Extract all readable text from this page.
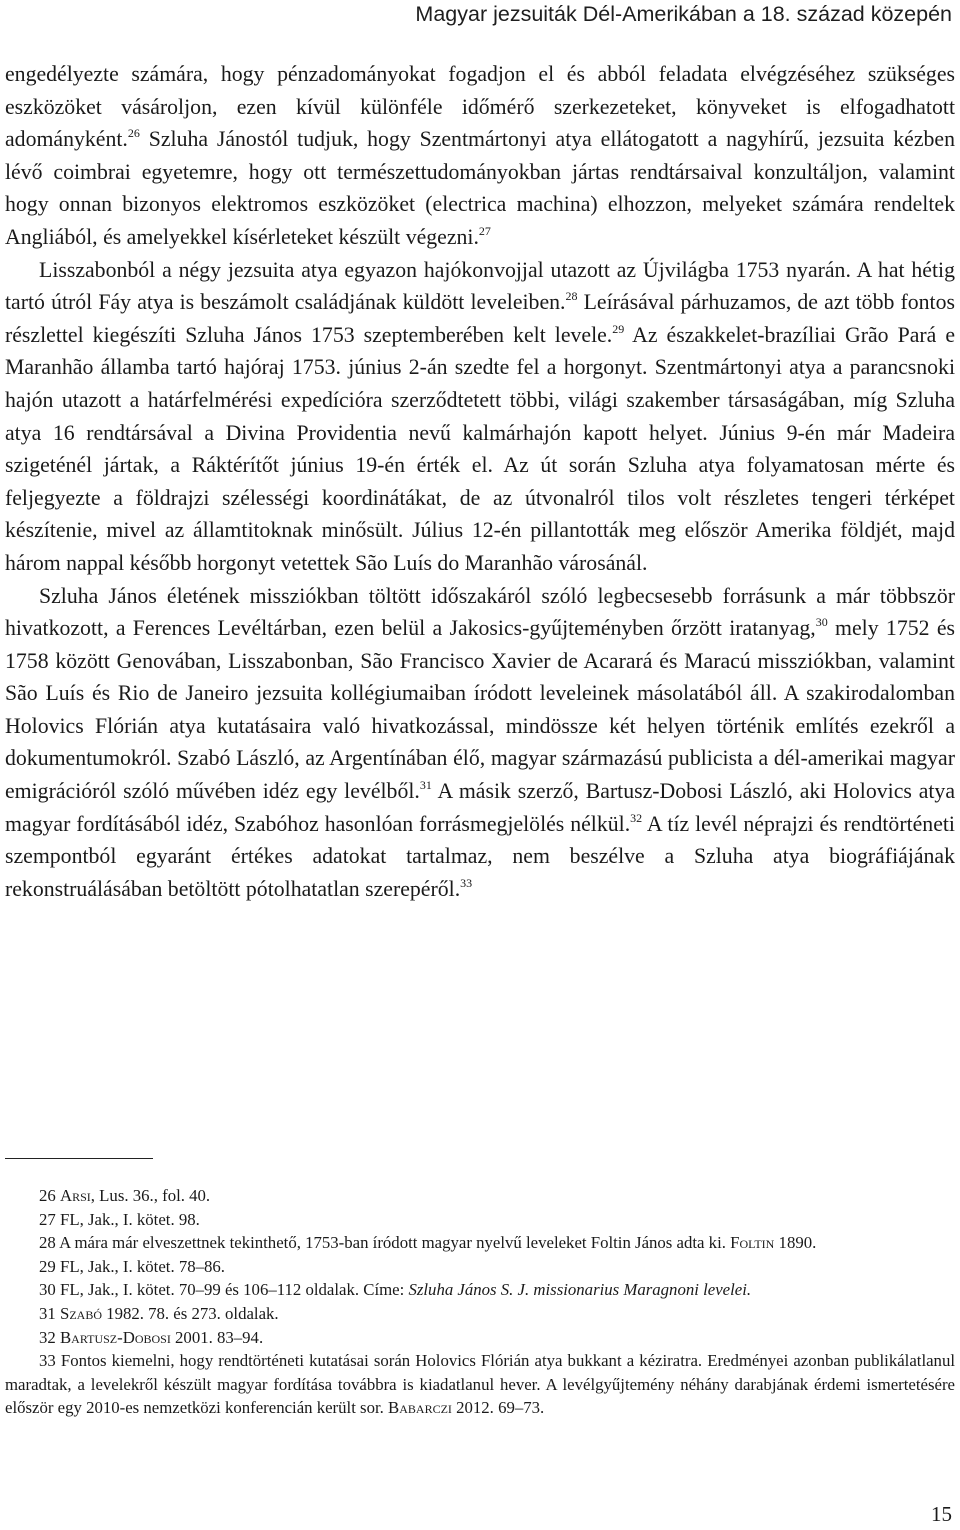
Magyar jezsuiták Dél-Amerikában a 18. század közepén

engedélyezte számára, hogy pénzadományokat fogadjon el és abból feladata elvégzéséhez szükséges eszközöket vásároljon, ezen kívül különféle időmérő szerkezeteket, könyveket is elfogadhatott adományként.$^{26}$ Szluha Jánostól tudjuk, hogy Szentmártonyi atya ellátogatott a nagyhírű, jezsuita kézben lévő coimbrai egyetemre, hogy ott természettudományokban jártas rendtársaival konzultáljon, valamint hogy onnan bizonyos elektromos eszközöket (electrica machina) elhozzon, melyeket számára rendeltek Angliából, és amelyekkel kísérleteket készült végezni.$^{27}$

Lisszabonból a négy jezsuita atya egyazon hajókonvojjal utazott az Újvilágba 1753 nyarán. A hat hétig tartó útról Fáy atya is beszámolt családjának küldött leveleiben.$^{28}$ Leírásával párhuzamos, de azt több fontos részlettel kiegészíti Szluha János 1753 szeptemberében kelt levele.$^{29}$ Az északkelet-brazíliai Grão Pará e Maranhão államba tartó hajóraj 1753. június 2-án szedte fel a horgonyt. Szentmártonyi atya a parancsnoki hajón utazott a határfelmérési expedícióra szerződtetett többi, világi szakember társaságában, míg Szluha atya 16 rendtársával a Divina Providentia nevű kalmárhajón kapott helyet. Június 9-én már Madeira szigeténél jártak, a Ráktérítőt június 19-én érték el. Az út során Szluha atya folyamatosan mérte és feljegyezte a földrajzi szélességi koordinátákat, de az útvonalról tilos volt részletes tengeri térképet készítenie, mivel az államtitoknak minősült. Július 12-én pillantották meg először Amerika földjét, majd három nappal később horgonyt vetettek São Luís do Maranhão városánál.

Szluha János életének missziókban töltött időszakáról szóló legbecsesebb forrásunk a már többször hivatkozott, a Ferences Levéltárban, ezen belül a Jakosics-gyűjteményben őrzött iratanyag,$^{30}$ mely 1752 és 1758 között Genovában, Lisszabonban, São Francisco Xavier de Acarará és Maracú missziókban, valamint São Luís és Rio de Janeiro jezsuita kollégiumaiban íródott leveleinek másolatából áll. A szakirodalomban Holovics Flórián atya kutatásaira való hivatkozással, mindössze két helyen történik említés ezekről a dokumentumokról. Szabó László, az Argentínában élő, magyar származású publicista a dél-amerikai magyar emigrációról szóló művében idéz egy levélből.$^{31}$ A másik szerző, Bartusz-Dobosi László, aki Holovics atya magyar fordításából idéz, Szabóhoz hasonlóan forrásmegjelölés nélkül.$^{32}$ A tíz levél néprajzi és rendtörténeti szempontból egyaránt értékes adatokat tartalmaz, nem beszélve a Szluha atya biográfiájának rekonstruálásában betöltött pótolhatatlan szerepéről.$^{33}$

26 Arsi, Lus. 36., fol. 40.

27 FL, Jak., I. kötet. 98.

28 A mára már elveszettnek tekinthető, 1753-ban íródott magyar nyelvű leveleket Foltin János adta ki. Foltin 1890.

29 FL, Jak., I. kötet. 78–86.

30 FL, Jak., I. kötet. 70–99 és 106–112 oldalak. Címe: Szluha János S. J. missionarius Maragnoni levelei.

31 Szabó 1982. 78. és 273. oldalak.

32 Bartusz-Dobosi 2001. 83–94.

33 Fontos kiemelni, hogy rendtörténeti kutatásai során Holovics Flórián atya bukkant a kéziratra. Eredményei azonban publikálatlanul maradtak, a levelekről készült magyar fordítása továbbra is kiadatlanul hever. A levélgyűjtemény néhány darabjának érdemi ismertetésére először egy 2010-es nemzetközi konferencián került sor. Babarczi 2012. 69–73.

15
